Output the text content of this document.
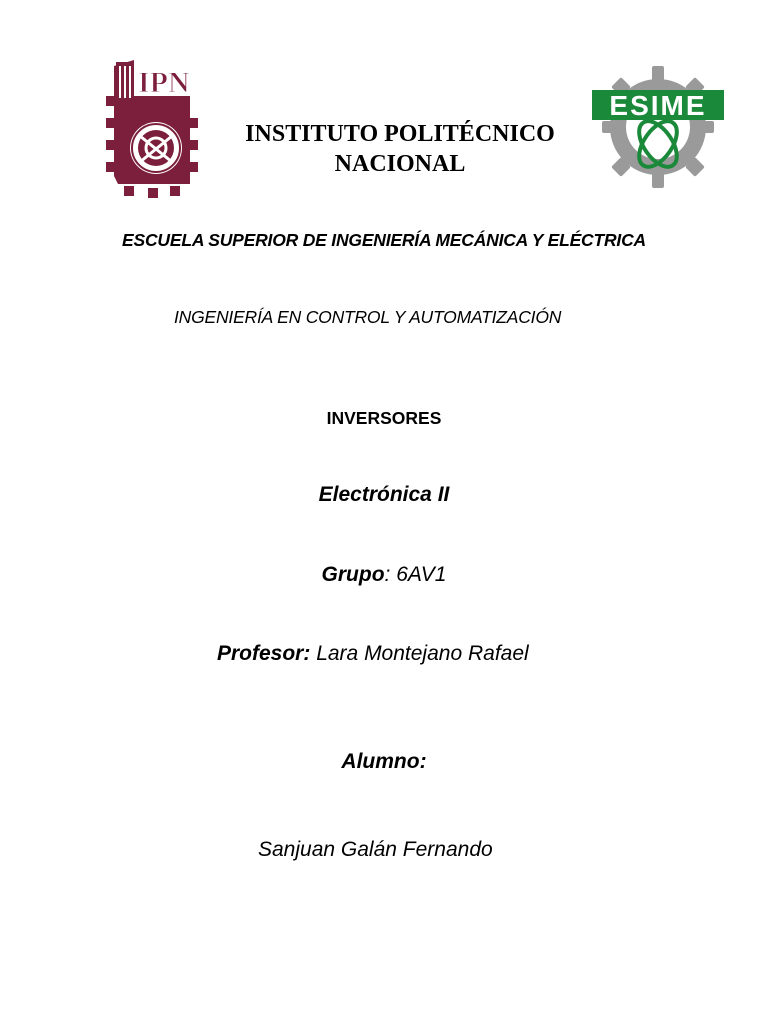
IPN
ESIME
INSTITUTO POLITÉCNICO
NACIONAL
ESCUELA SUPERIOR DE INGENIERÍA MECÁNICA Y ELÉCTRICA
INGENIERÍA EN CONTROL Y AUTOMATIZACIÓN
INVERSORES
Electrónica II
Grupo: 6AV1
Profesor: Lara Montejano Rafael
Alumno:
Sanjuan Galán Fernando
